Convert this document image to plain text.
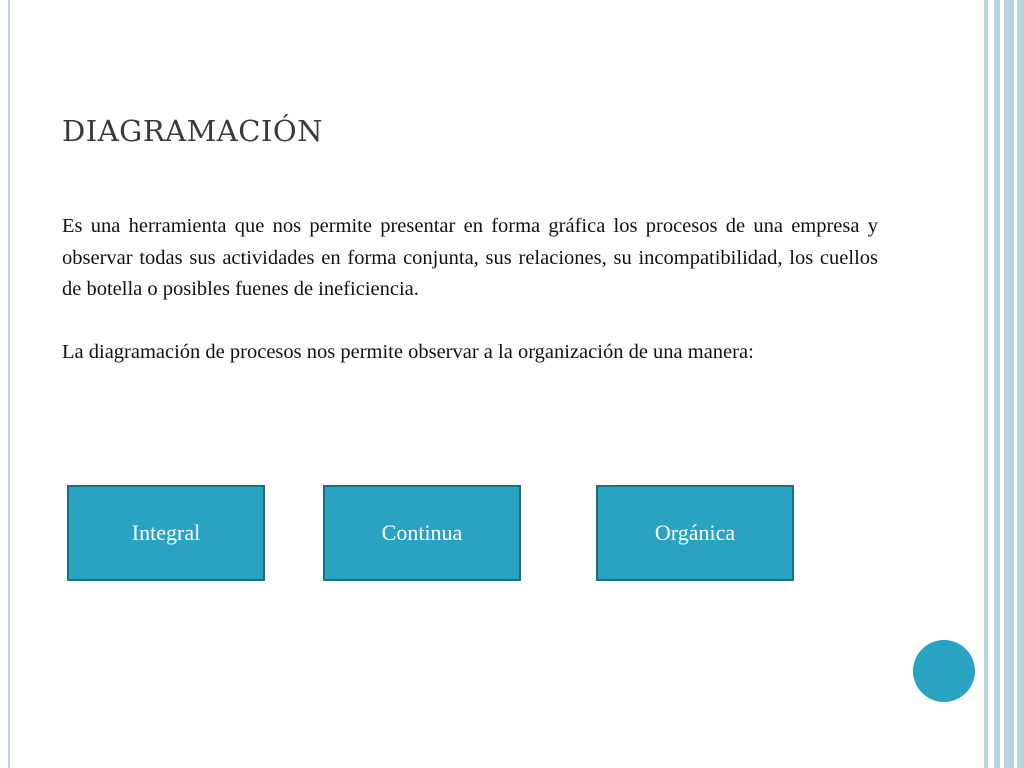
DIAGRAMACIÓN

Es una herramienta que nos permite presentar en forma gráfica los procesos de una empresa y observar todas sus actividades en forma conjunta, sus relaciones, su incompatibilidad, los cuellos de botella o posibles fuenes de ineficiencia.

La diagramación de procesos nos permite observar a la organización de una manera:

Integral	Continua	Orgánica
